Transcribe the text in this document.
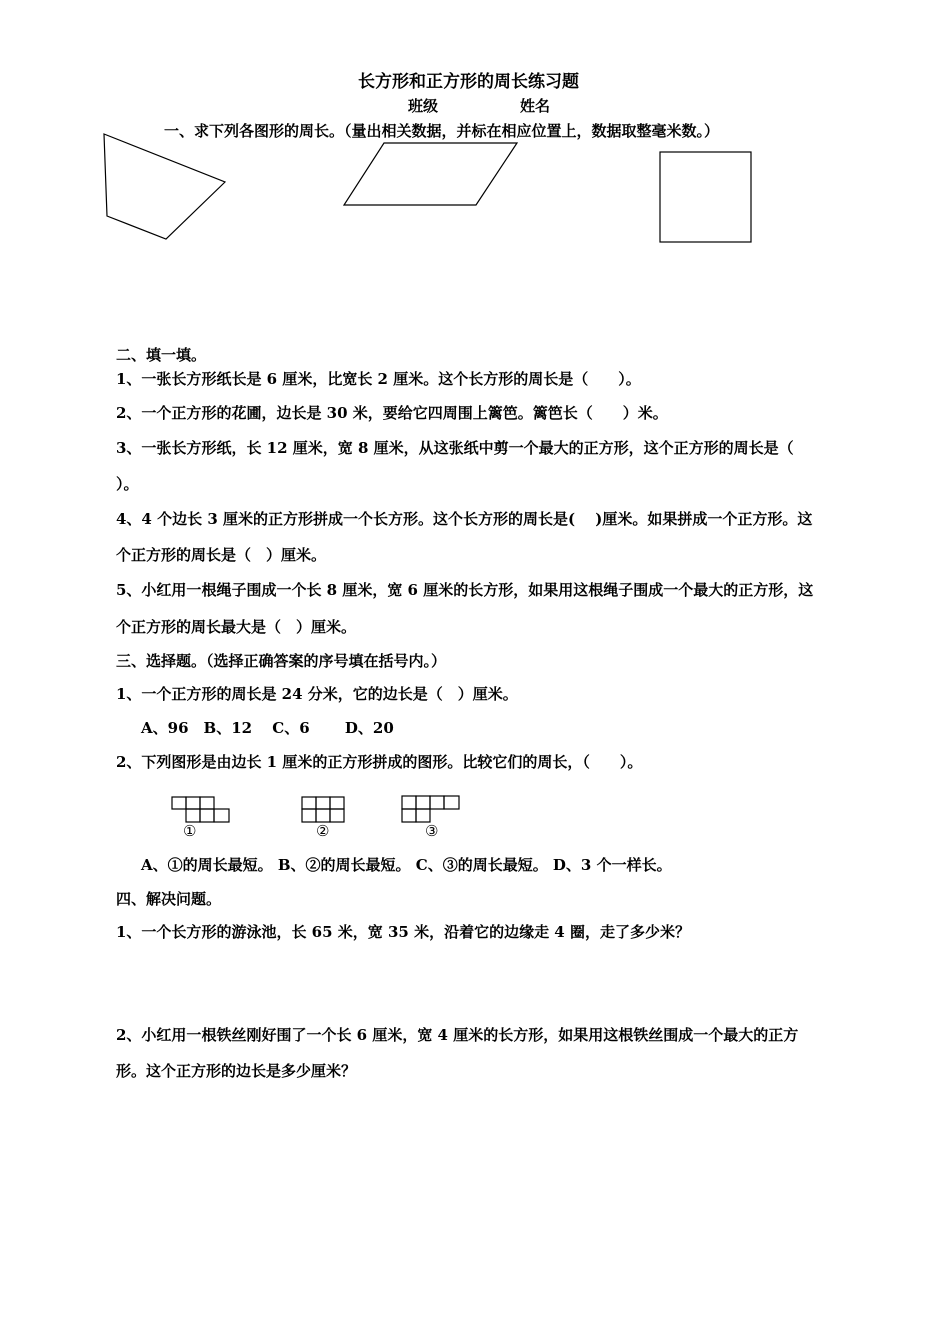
长方形和正方形的周长练习题
班级	姓名
一、求下列各图形的周长。（量出相关数据，并标在相应位置上，数据取整毫米数。）
二、填一填。
1、一张长方形纸长是 6 厘米，比宽长 2 厘米。这个长方形的周长是（　　）。
2、一个正方形的花圃，边长是 30 米，要给它四周围上篱笆。篱笆长（　　）米。
3、一张长方形纸，长 12 厘米，宽 8 厘米，从这张纸中剪一个最大的正方形，这个正方形的周长是（
）。
4、4 个边长 3 厘米的正方形拼成一个长方形。这个长方形的周长是(　 )厘米。如果拼成一个正方形。这
个正方形的周长是（　）厘米。
5、小红用一根绳子围成一个长 8 厘米，宽 6 厘米的长方形，如果用这根绳子围成一个最大的正方形，这
个正方形的周长最大是（　）厘米。
三、选择题。（选择正确答案的序号填在括号内。）
1、一个正方形的周长是 24 分米，它的边长是（　）厘米。
A、96　B、12　 C、6　 　D、20
2、下列图形是由边长 1 厘米的正方形拼成的图形。比较它们的周长，（　　）。
①	②	③
A、①的周长最短。 B、②的周长最短。 C、③的周长最短。 D、3 个一样长。
四、解决问题。
1、一个长方形的游泳池，长 65 米，宽 35 米，沿着它的边缘走 4 圈，走了多少米？
2、小红用一根铁丝刚好围了一个长 6 厘米，宽 4 厘米的长方形，如果用这根铁丝围成一个最大的正方
形。这个正方形的边长是多少厘米？
